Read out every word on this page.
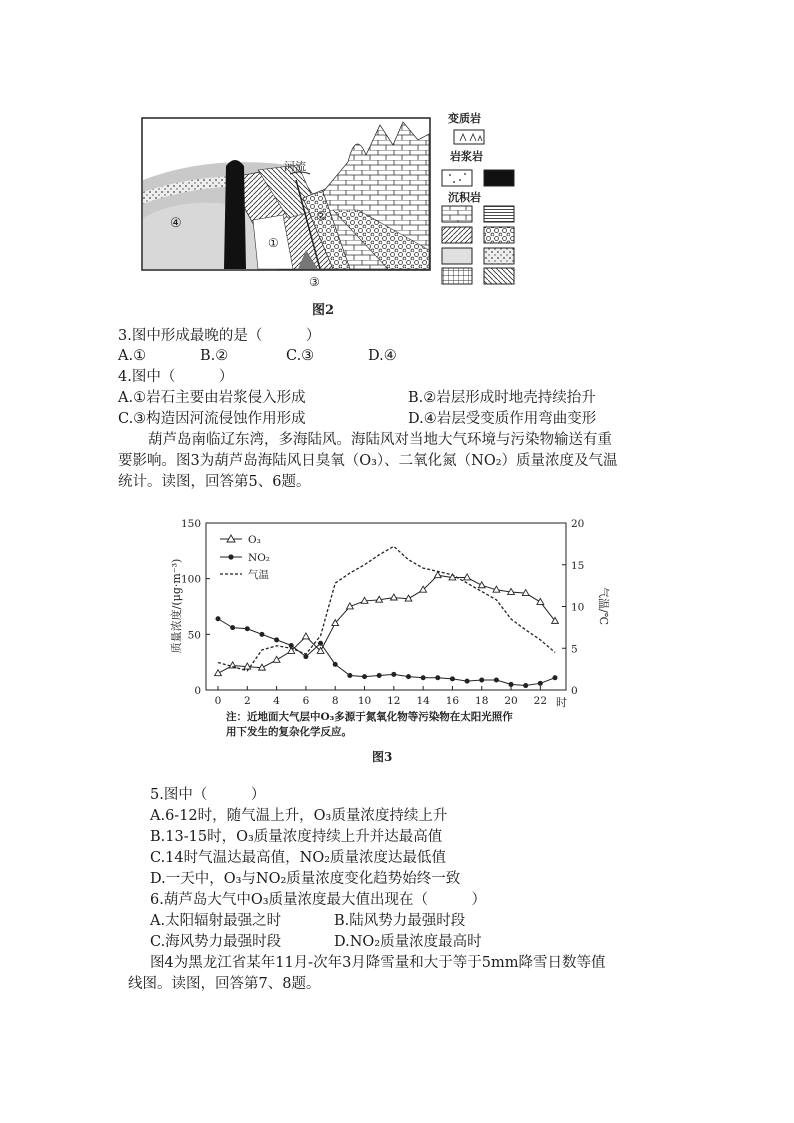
①
②
河流
③
④
图2
变质岩
岩浆岩
沉积岩
3.图中形成最晚的是（　　　）
A.①	B.②	C.③	D.④
4.图中（　　　）
A.①岩石主要由岩浆侵入形成	B.②岩层形成时地壳持续抬升
C.③构造因河流侵蚀作用形成	D.④岩层受变质作用弯曲变形
葫芦岛南临辽东湾，多海陆风。海陆风对当地大气环境与污染物输送有重
要影响。图3为葫芦岛海陆风日臭氧（O₃）、二氧化氮（NO₂）质量浓度及气温
统计。读图，回答第5、6题。
0
50
100
150
0
5
10
15
20
0 2 4 6 8 10 12 14 16 18 20 22
质量浓度/(μg·m⁻³)	气温/℃
时
O₃
NO₂
气温
注：近地面大气层中O₃多源于氮氧化物等污染物在太阳光照作
用下发生的复杂化学反应。
图3
5.图中（　　　）
A.6-12时，随气温上升，O₃质量浓度持续上升
B.13-15时，O₃质量浓度持续上升并达最高值
C.14时气温达最高值，NO₂质量浓度达最低值
D.一天中，O₃与NO₂质量浓度变化趋势始终一致
6.葫芦岛大气中O₃质量浓度最大值出现在（　　　）
A.太阳辐射最强之时	B.陆风势力最强时段
C.海风势力最强时段	D.NO₂质量浓度最高时
图4为黑龙江省某年11月-次年3月降雪量和大于等于5mm降雪日数等值
线图。读图，回答第7、8题。
